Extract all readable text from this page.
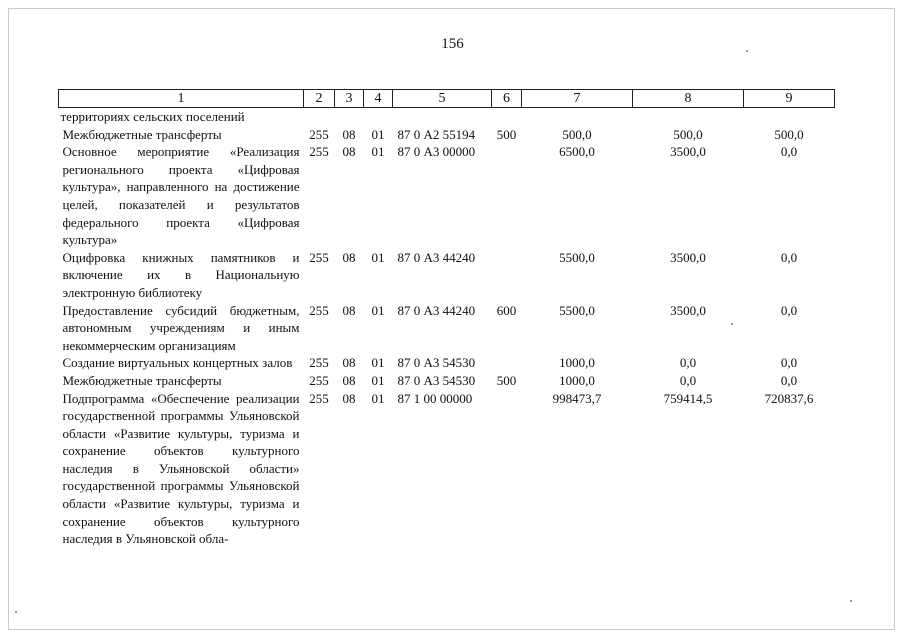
156
1	2	3	4	5	6	7	8	9
территориях сельских поселений								
Межбюджетные трансферты	255	08	01	87 0 А2 55194	500	500,0	500,0	500,0
Основное мероприятие «Реализация регионального проекта «Цифровая культура», направленного на достижение целей, показателей и результатов федерального проекта «Цифровая культура»	255	08	01	87 0 А3 00000		6500,0	3500,0	0,0
Оцифровка книжных памятников и включение их в Национальную электронную библиотеку	255	08	01	87 0 А3 44240		5500,0	3500,0	0,0
Предоставление субсидий бюджетным, автономным учреждениям и иным некоммерческим организациям	255	08	01	87 0 А3 44240	600	5500,0	3500,0	0,0
Создание виртуальных концертных залов	255	08	01	87 0 А3 54530		1000,0	0,0	0,0
Межбюджетные трансферты	255	08	01	87 0 А3 54530	500	1000,0	0,0	0,0
Подпрограмма «Обеспечение реализации государственной программы Ульяновской области «Развитие культуры, туризма и сохранение объектов культурного наследия в Ульяновской области» государственной программы Ульяновской области «Развитие культуры, туризма и сохранение объектов культурного наследия в Ульяновской обла-	255	08	01	87 1 00 00000		998473,7	759414,5	720837,6
